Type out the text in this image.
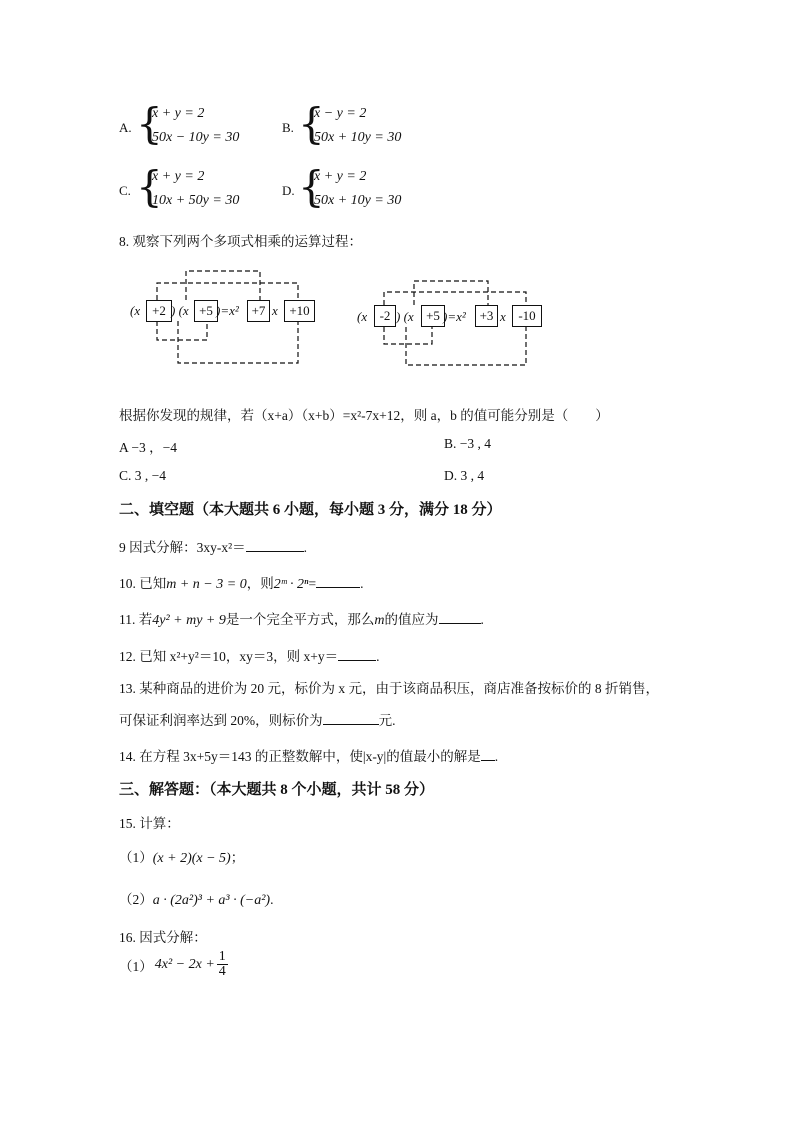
A. {
x + y = 2
50x − 10y = 30
B. {
x − y = 2
50x + 10y = 30
C. {
x + y = 2
10x + 50y = 30
D. {
x + y = 2
50x + 10y = 30
8. 观察下列两个多项式相乘的运算过程：
(x +2 ) (x +5 )=x² +7 x +10	(x -2 ) (x +5 )=x²	+3 x -10
根据你发现的规律，若（x+a）（x+b）=x²-7x+12，则 a，b 的值可能分别是（　　）
A −3 ，−4	B. −3 , 4
C. 3 , −4	D. 3 , 4
二、填空题（本大题共 6 小题，每小题 3 分，满分 18 分）
9 因式分解：3xy-x²＝	.
10. 已知m + n − 3 = 0，则2ᵐ · 2ⁿ=	.
11. 若4y² + my + 9是一个完全平方式，那么m的值应为	.
12. 已知 x²+y²＝10，xy＝3，则 x+y＝	.
13. 某种商品的进价为 20 元，标价为 x 元，由于该商品积压，商店准备按标价的 8 折销售，
可保证利润率达到 20%，则标价为	元.
14. 在方程 3x+5y＝143 的正整数解中，使|x-y|的值最小的解是 .
三、解答题：（本大题共 8 个小题，共计 58 分）
15. 计算：
（1）(x + 2)(x − 5)；
（2）a · (2a²)³ + a³ · (−a²).
16. 因式分解：
（1） $4x^2 - 2x + \frac{1}{4}$
